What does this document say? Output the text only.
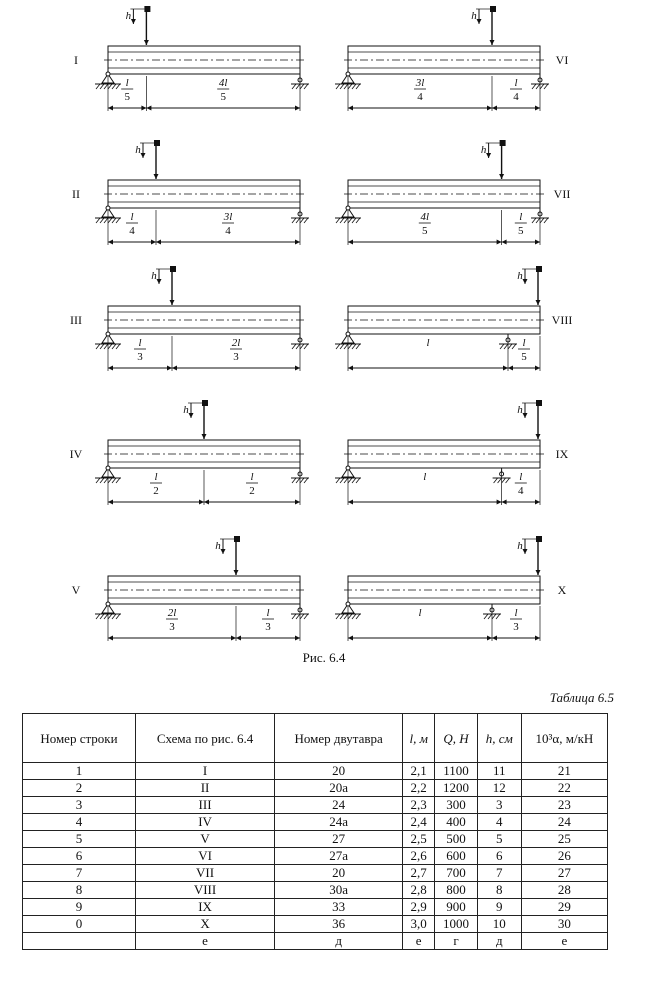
h
l
5
4l
5
I
h
l
4
3l
4
II
h
l
3
2l
3
III
h
l
2
l
2
IV
h
2l
3
l
3
V
h
3l
4
l
4
VI
h
4l
5
l
5
VII
h
l	l
5
VIII
h
l	l
4
IX
h
l	l
3
X
Рис. 6.4
Таблица 6.5
Номер строки	Схема по рис. 6.4	Номер двутавра	l, м	Q, Н	h, см	10³α, м/кН
1	I	20	2,1	1100	11	21
2	II	20а	2,2	1200	12	22
3	III	24	2,3	300	3	23
4	IV	24а	2,4	400	4	24
5	V	27	2,5	500	5	25
6	VI	27а	2,6	600	6	26
7	VII	20	2,7	700	7	27
8	VIII	30а	2,8	800	8	28
9	IX	33	2,9	900	9	29
0	X	36	3,0	1000	10	30
	е	д	е	г	д	е
